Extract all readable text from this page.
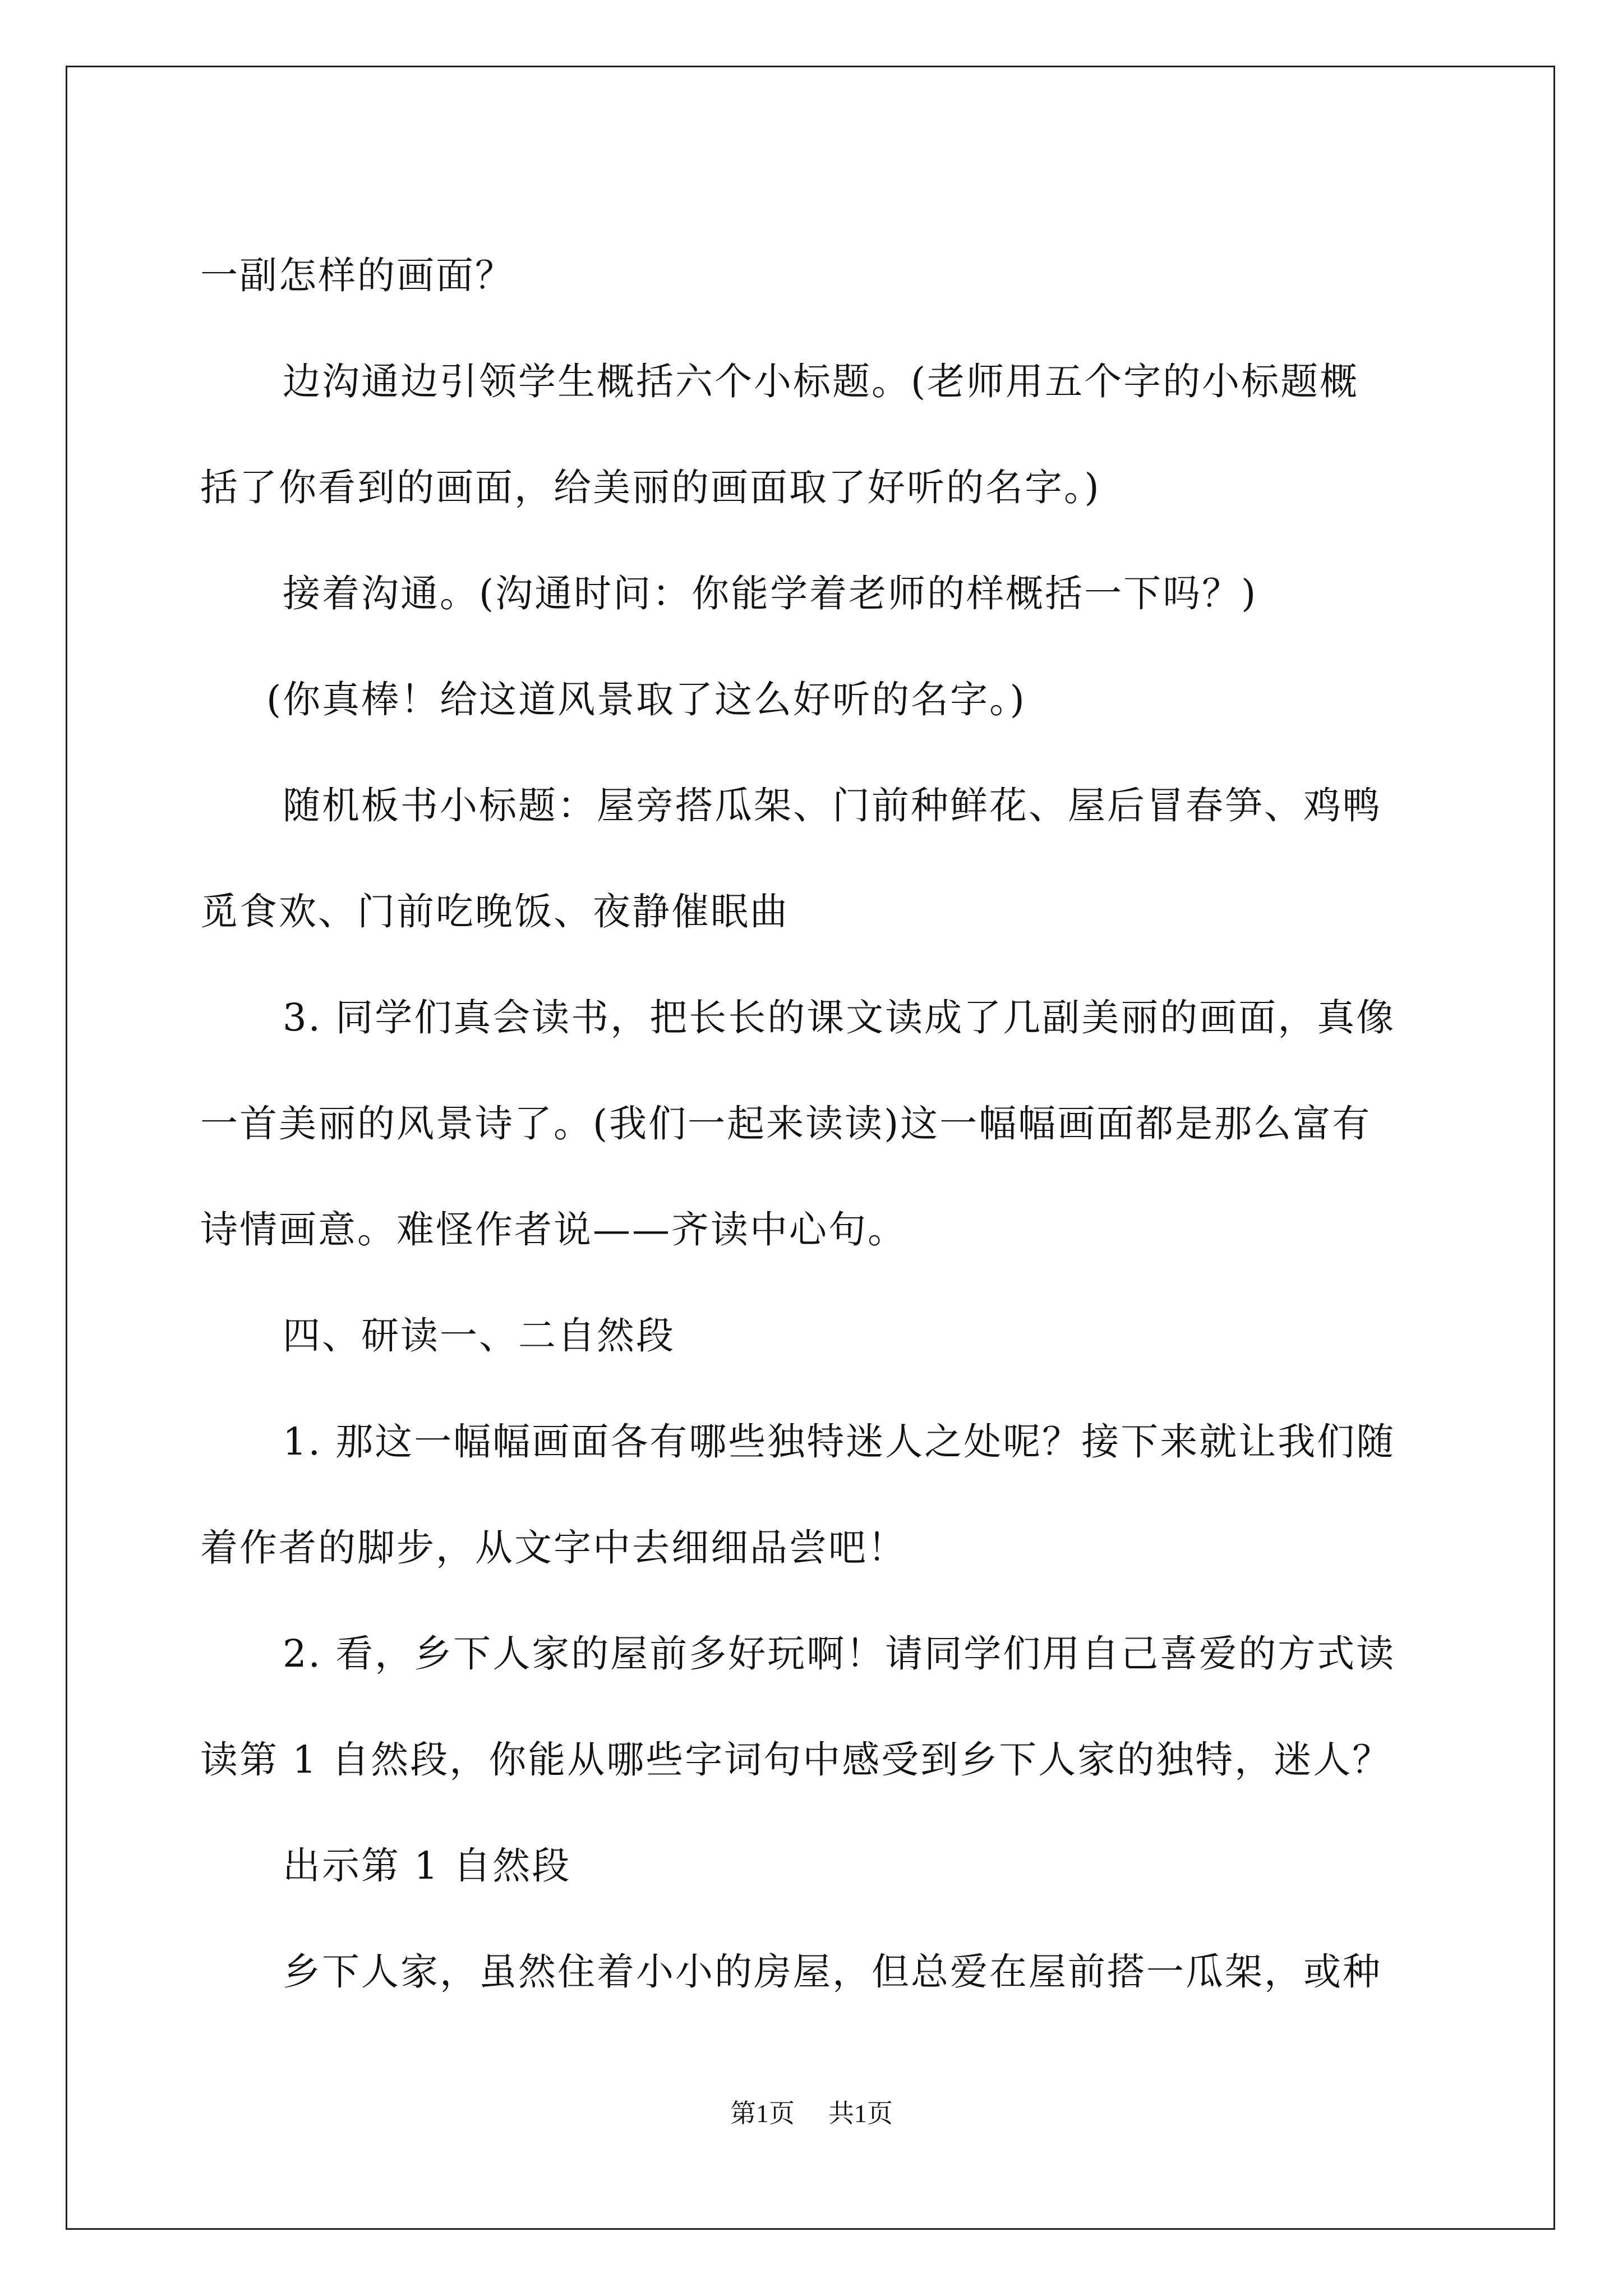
一副怎样的画面？
边沟通边引领学生概括六个小标题。(老师用五个字的小标题概
括了你看到的画面，给美丽的画面取了好听的名字。)
接着沟通。(沟通时问：你能学着老师的样概括一下吗？)
(你真棒！给这道风景取了这么好听的名字。)
随机板书小标题：屋旁搭瓜架、门前种鲜花、屋后冒春笋、鸡鸭
觅食欢、门前吃晚饭、夜静催眠曲
3. 同学们真会读书，把长长的课文读成了几副美丽的画面，真像
一首美丽的风景诗了。(我们一起来读读)这一幅幅画面都是那么富有
诗情画意。难怪作者说——齐读中心句。
四、研读一、二自然段
1. 那这一幅幅画面各有哪些独特迷人之处呢？接下来就让我们随
着作者的脚步，从文字中去细细品尝吧！
2. 看，乡下人家的屋前多好玩啊！请同学们用自己喜爱的方式读
读第 1 自然段，你能从哪些字词句中感受到乡下人家的独特，迷人？
出示第 1 自然段
乡下人家，虽然住着小小的房屋，但总爱在屋前搭一瓜架，或种
第1页 共1页
